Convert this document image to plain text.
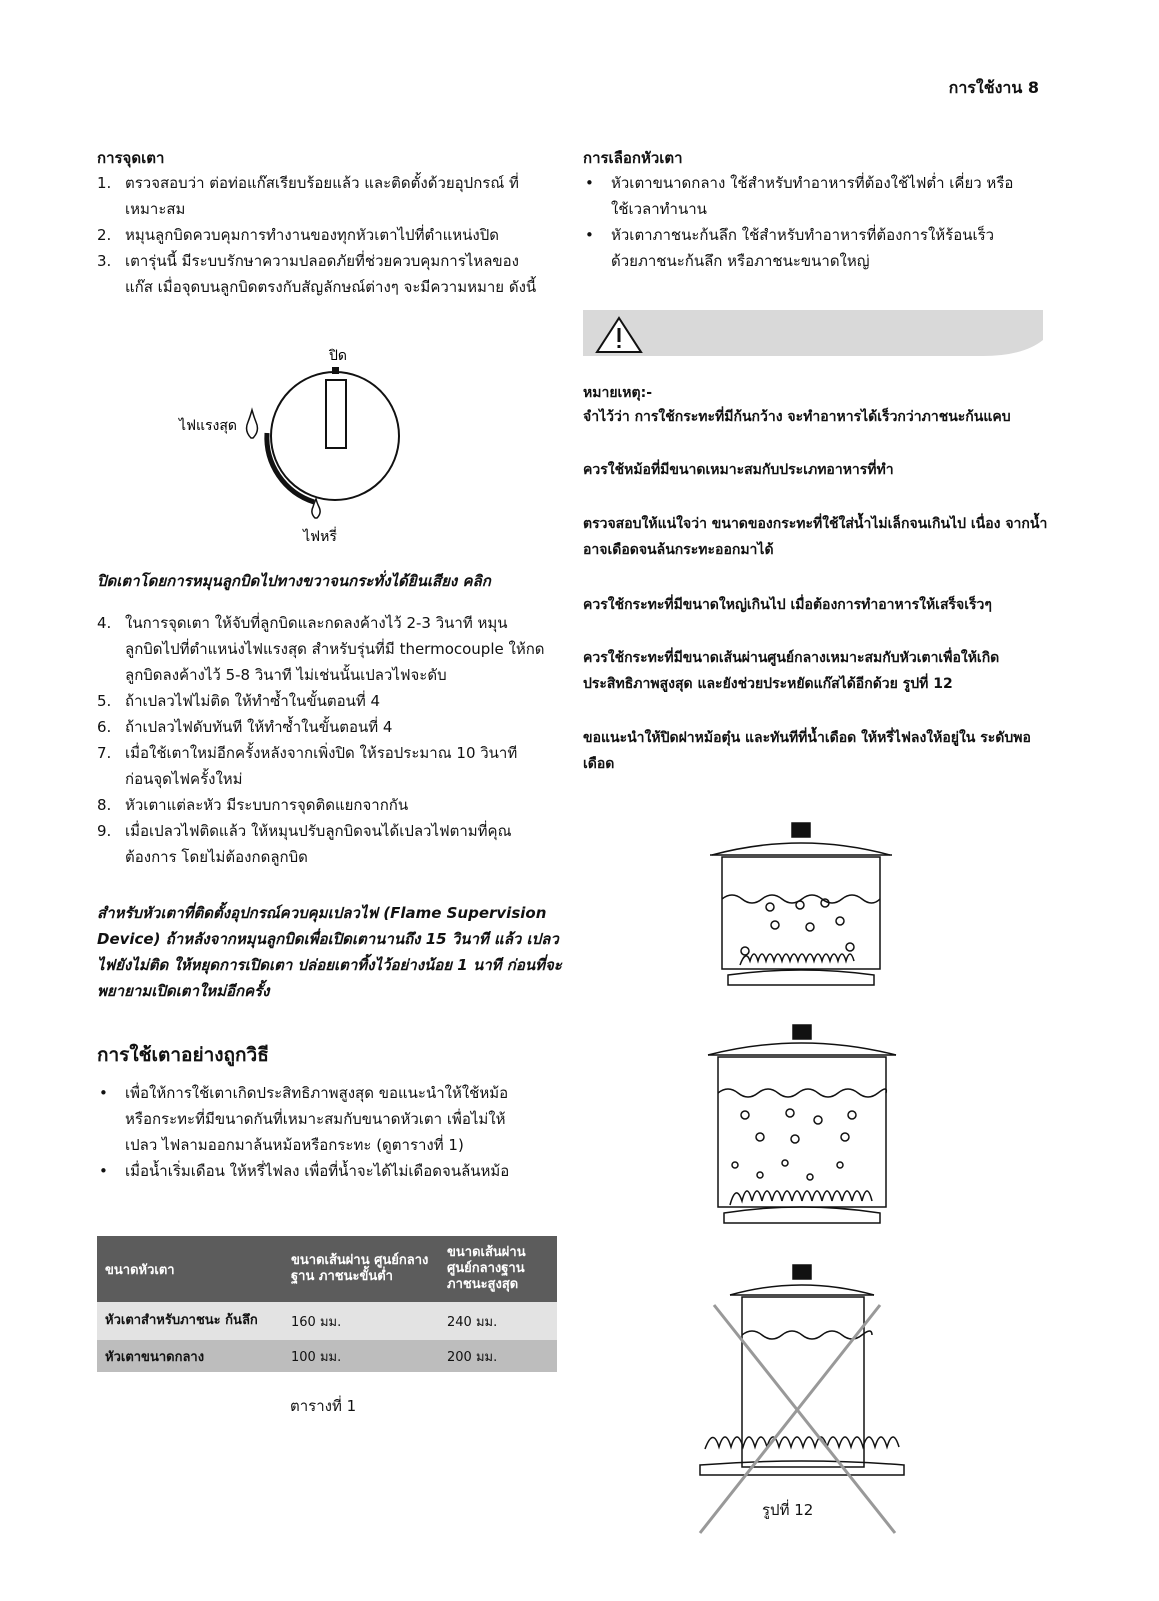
การใช้งาน 8
การจุดเตา
1. ตรวจสอบว่า ต่อท่อแก๊สเรียบร้อยแล้ว และติดตั้งด้วยอุปกรณ์ ที่เหมาะสม
2. หมุนลูกบิดควบคุมการทำงานของทุกหัวเตาไปที่ตำแหน่งปิด
3. เตารุ่นนี้ มีระบบรักษาความปลอดภัยที่ช่วยควบคุมการไหลของ แก๊ส เมื่อจุดบนลูกบิดตรงกับสัญลักษณ์ต่างๆ จะมีความหมาย ดังนี้
ปิด
ไฟแรงสุด
ไฟหรี่
ปิดเตาโดยการหมุนลูกบิดไปทางขวาจนกระทั่งได้ยินเสียง คลิก
4. ในการจุดเตา ให้จับที่ลูกบิดและกดลงค้างไว้ 2-3 วินาที หมุน ลูกบิดไปที่ตำแหน่งไฟแรงสุด สำหรับรุ่นที่มี thermocouple ให้กดลูกบิดลงค้างไว้ 5-8 วินาที ไม่เช่นนั้นเปลวไฟจะดับ
5. ถ้าเปลวไฟไม่ติด ให้ทำซ้ำในขั้นตอนที่ 4
6. ถ้าเปลวไฟดับทันที ให้ทำซ้ำในขั้นตอนที่ 4
7. เมื่อใช้เตาใหม่อีกครั้งหลังจากเพิ่งปิด ให้รอประมาณ 10 วินาที ก่อนจุดไฟครั้งใหม่
8. หัวเตาแต่ละหัว มีระบบการจุดติดแยกจากกัน
9. เมื่อเปลวไฟติดแล้ว ให้หมุนปรับลูกบิดจนได้เปลวไฟตามที่คุณ ต้องการ โดยไม่ต้องกดลูกบิด
สำหรับหัวเตาที่ติดตั้งอุปกรณ์ควบคุมเปลวไฟ (Flame Supervision Device) ถ้าหลังจากหมุนลูกบิดเพื่อเปิดเตานานถึง 15 วินาที แล้ว เปลวไฟยังไม่ติด ให้หยุดการเปิดเตา ปล่อยเตาทิ้งไว้อย่างน้อย 1 นาที ก่อนที่จะพยายามเปิดเตาใหม่อีกครั้ง
การใช้เตาอย่างถูกวิธี
• เพื่อให้การใช้เตาเกิดประสิทธิภาพสูงสุด ขอแนะนำให้ใช้หม้อ หรือกระทะที่มีขนาดกันที่เหมาะสมกับขนาดหัวเตา เพื่อไม่ให้เปลว ไฟลามออกมาล้นหม้อหรือกระทะ (ดูตารางที่ 1)
• เมื่อน้ำเริ่มเดือน ให้หรี่ไฟลง เพื่อที่น้ำจะได้ไม่เดือดจนล้นหม้อ
ขนาดหัวเตา	ขนาดเส้นผ่าน ศูนย์กลางฐาน ภาชนะขั้นต่ำ	ขนาดเส้นผ่าน ศูนย์กลางฐาน ภาชนะสูงสุด
หัวเตาสำหรับภาชนะ ก้นลึก	160 มม.	240 มม.
หัวเตาขนาดกลาง	100 มม.	200 มม.
ตารางที่ 1
การเลือกหัวเตา
• หัวเตาขนาดกลาง ใช้สำหรับทำอาหารที่ต้องใช้ไฟต่ำ เคี่ยว หรือใช้เวลาทำนาน
• หัวเตาภาชนะก้นลึก ใช้สำหรับทำอาหารที่ต้องการให้ร้อนเร็ว ด้วยภาชนะก้นลึก หรือภาชนะขนาดใหญ่
หมายเหตุ:-
จำไว้ว่า การใช้กระทะที่มีก้นกว้าง จะทำอาหารได้เร็วกว่าภาชนะก้นแคบ
ควรใช้หม้อที่มีขนาดเหมาะสมกับประเภทอาหารที่ทำ
ตรวจสอบให้แน่ใจว่า ขนาดของกระทะที่ใช้ใส่น้ำไม่เล็กจนเกินไป เนื่อง จากน้ำอาจเดือดจนล้นกระทะออกมาได้
ควรใช้กระทะที่มีขนาดใหญ่เกินไป เมื่อต้องการทำอาหารให้เสร็จเร็วๆ
ควรใช้กระทะที่มีขนาดเส้นผ่านศูนย์กลางเหมาะสมกับหัวเตาเพื่อให้เกิด ประสิทธิภาพสูงสุด และยังช่วยประหยัดแก๊สได้อีกด้วย รูปที่ 12
ขอแนะนำให้ปิดฝาหม้อตุ๋น และทันทีที่น้ำเดือด ให้หรี่ไฟลงให้อยู่ใน ระดับพอเดือด
รูปที่ 12
